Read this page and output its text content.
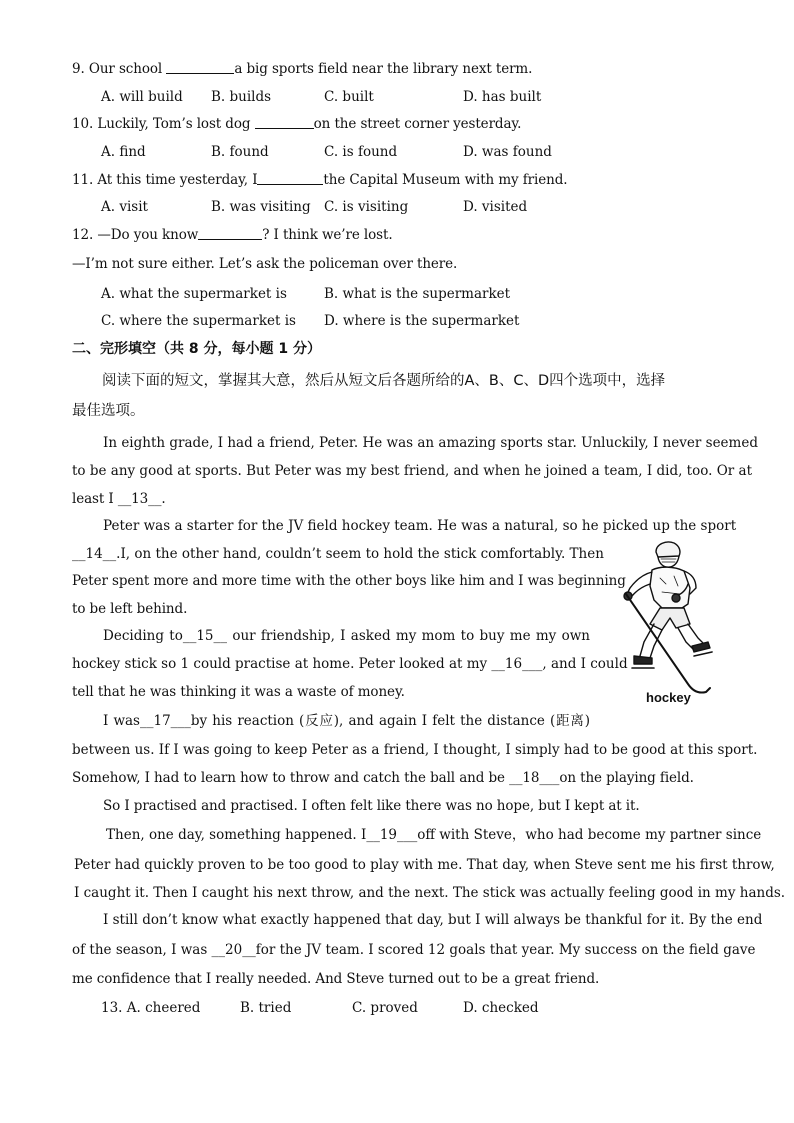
9. Our school	a big sports field near the library next term.
A. will build B. builds	C. built	D. has built
10. Luckily, Tom’s lost dog	on the street corner yesterday.
A. find	B. found	C. is found	D. was found
11. At this time yesterday, I	the Capital Museum with my friend.
A. visit	B. was visiting C. is visiting	D. visited
12. —Do you know	? I think we’re lost.
—I’m not sure either. Let’s ask the policeman over there.
A. what the supermarket is	B. what is the supermarket
C. where the supermarket is D. where is the supermarket
二、完形填空（共 8 分，每小题 1 分）
阅读下面的短文，掌握其大意，然后从短文后各题所给的A、B、C、D四个选项中，选择
最佳选项。
In eighth grade, I had a friend, Peter. He was an amazing sports star. Unluckily, I never seemed
to be any good at sports. But Peter was my best friend, and when he joined a team, I did, too. Or at
least I __13__.
Peter was a starter for the JV field hockey team. He was a natural, so he picked up the sport
__14__.I, on the other hand, couldn’t seem to hold the stick comfortably. Then
Peter spent more and more time with the other boys like him and I was beginning
to be left behind.
Deciding to__15__ our friendship, I asked my mom to buy me my own
hockey stick so 1 could practise at home. Peter looked at my __16___, and I could
tell that he was thinking it was a waste of money.
I was__17___by his reaction (反应), and again I felt the distance (距离)
between us. If I was going to keep Peter as a friend, I thought, I simply had to be good at this sport.
Somehow, I had to learn how to throw and catch the ball and be __18___on the playing field.
So I practised and practised. I often felt like there was no hope, but I kept at it.
Then, one day, something happened. I__19___off with Steve，who had become my partner since
Peter had quickly proven to be too good to play with me. That day, when Steve sent me his first throw,
I caught it. Then I caught his next throw, and the next. The stick was actually feeling good in my hands.
I still don’t know what exactly happened that day, but I will always be thankful for it. By the end
of the season, I was __20__for the JV team. I scored 12 goals that year. My success on the field gave
me confidence that I really needed. And Steve turned out to be a great friend.
hockey
13. A. cheered	B. tried	C. proved	D. checked
